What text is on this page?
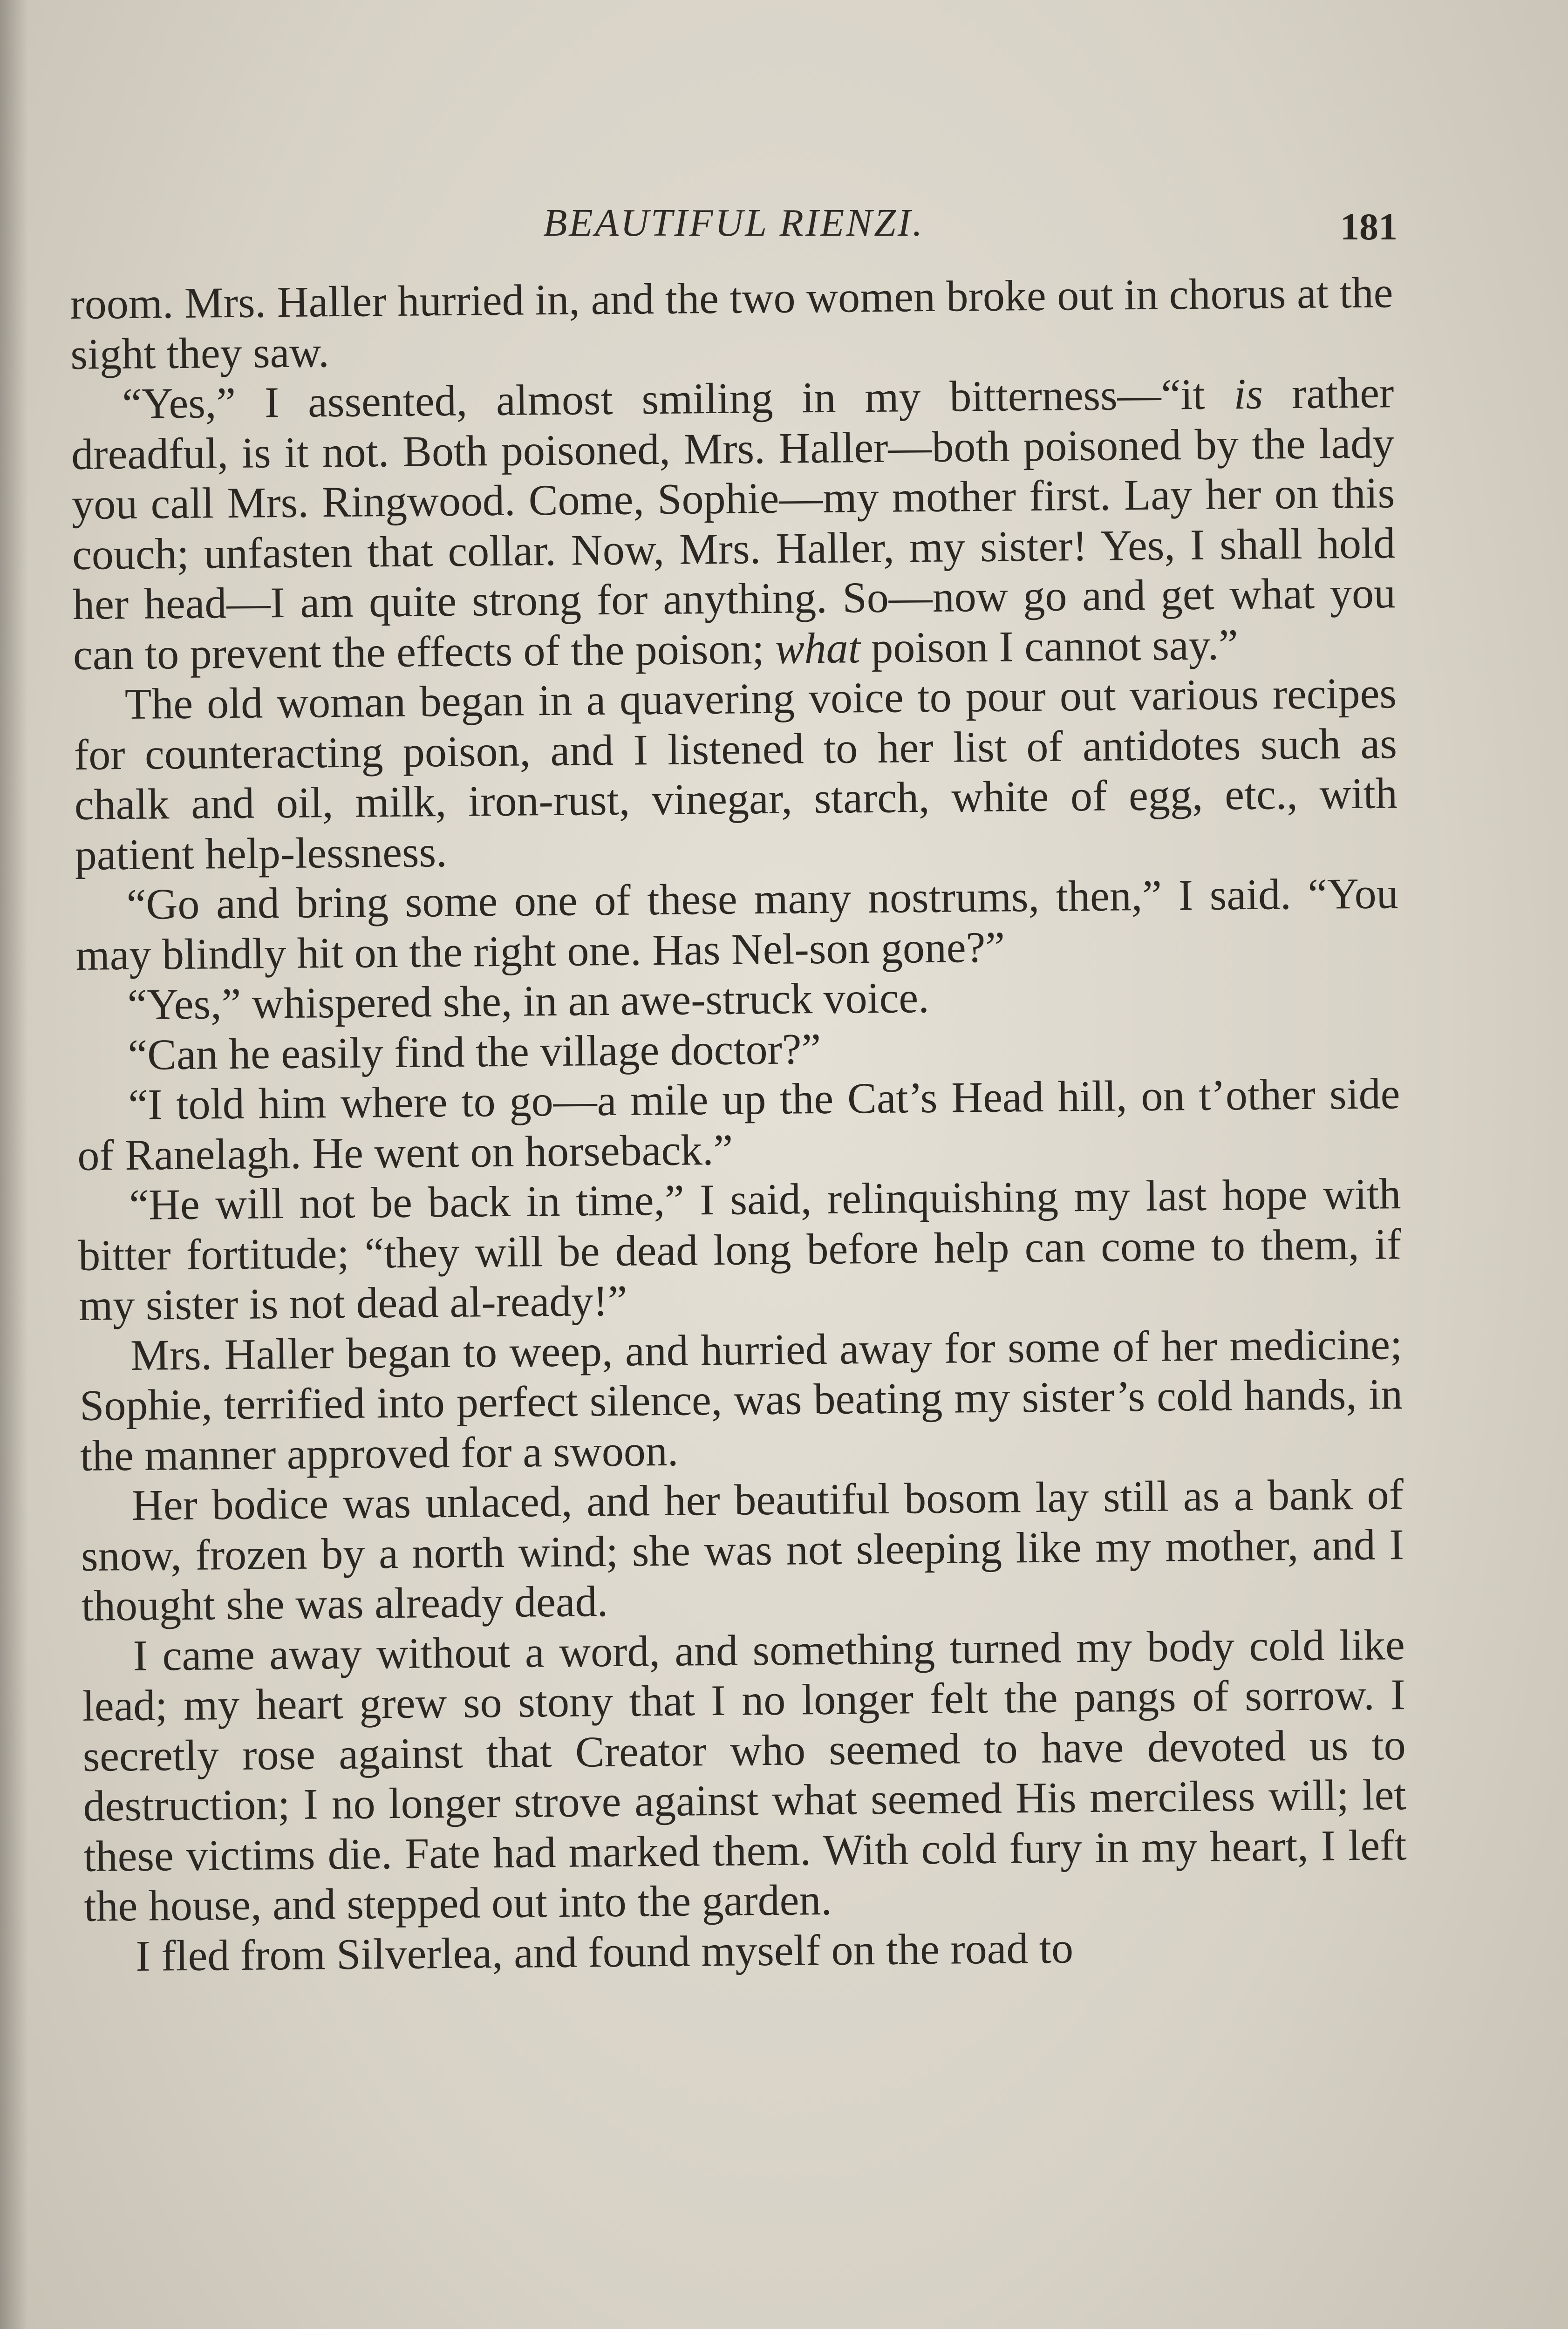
BEAUTIFUL RIENZI.	181

room. Mrs. Haller hurried in, and the two women broke out in chorus at the sight they saw.

“Yes,” I assented, almost smiling in my bitterness—“it is rather dreadful, is it not. Both poisoned, Mrs. Haller—both poisoned by the lady you call Mrs. Ringwood. Come, Sophie—my mother first. Lay her on this couch; unfasten that collar. Now, Mrs. Haller, my sister! Yes, I shall hold her head—I am quite strong for anything. So—now go and get what you can to prevent the effects of the poison; what poison I cannot say.”

The old woman began in a quavering voice to pour out various recipes for counteracting poison, and I listened to her list of antidotes such as chalk and oil, milk, iron-rust, vinegar, starch, white of egg, etc., with patient help-lessness.

“Go and bring some one of these many nostrums, then,” I said. “You may blindly hit on the right one. Has Nel-son gone?”

“Yes,” whispered she, in an awe-struck voice.

“Can he easily find the village doctor?”

“I told him where to go—a mile up the Cat’s Head hill, on t’other side of Ranelagh. He went on horseback.”

“He will not be back in time,” I said, relinquishing my last hope with bitter fortitude; “they will be dead long before help can come to them, if my sister is not dead al-ready!”

Mrs. Haller began to weep, and hurried away for some of her medicine; Sophie, terrified into perfect silence, was beating my sister’s cold hands, in the manner approved for a swoon.

Her bodice was unlaced, and her beautiful bosom lay still as a bank of snow, frozen by a north wind; she was not sleeping like my mother, and I thought she was already dead.

I came away without a word, and something turned my body cold like lead; my heart grew so stony that I no longer felt the pangs of sorrow. I secretly rose against that Creator who seemed to have devoted us to destruction; I no longer strove against what seemed His merciless will; let these victims die. Fate had marked them. With cold fury in my heart, I left the house, and stepped out into the garden.

I fled from Silverlea, and found myself on the road to
